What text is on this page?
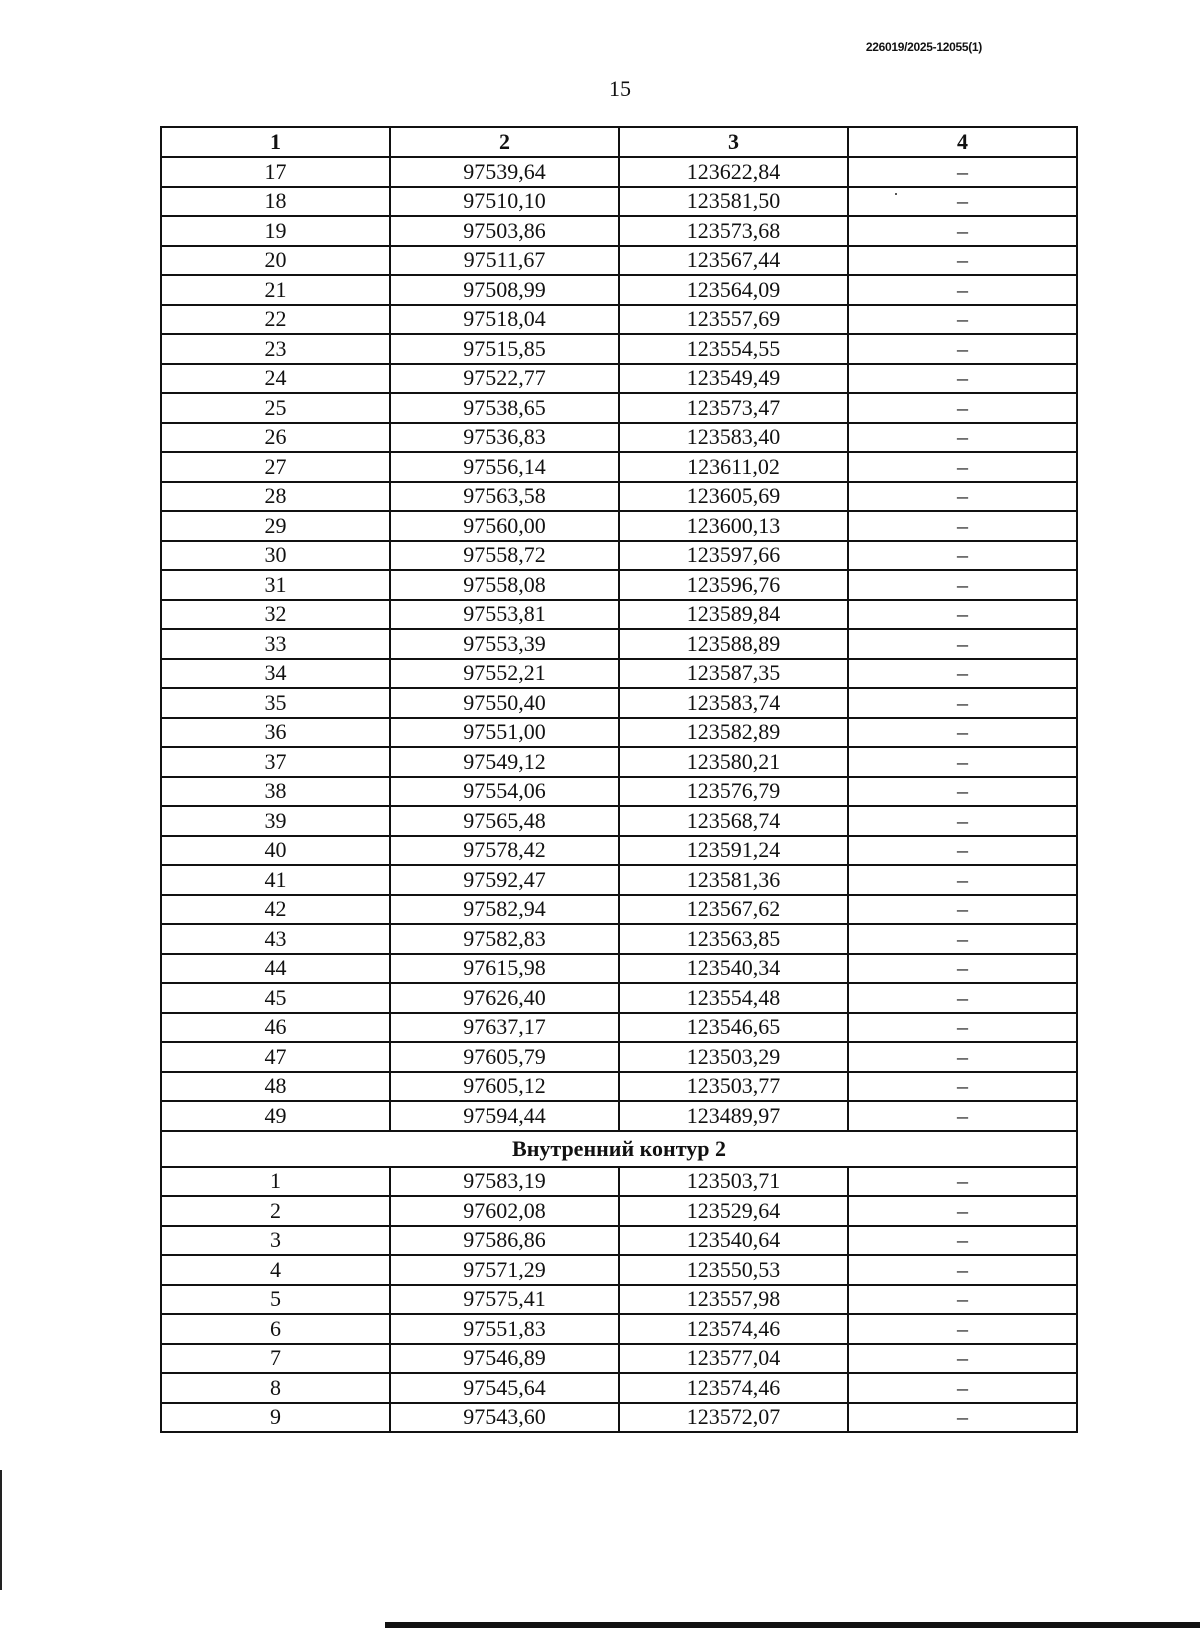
226019/2025-12055(1)
15
1	2	3	4
17	97539,64	123622,84	–
18	97510,10	123581,50	–
19	97503,86	123573,68	–
20	97511,67	123567,44	–
21	97508,99	123564,09	–
22	97518,04	123557,69	–
23	97515,85	123554,55	–
24	97522,77	123549,49	–
25	97538,65	123573,47	–
26	97536,83	123583,40	–
27	97556,14	123611,02	–
28	97563,58	123605,69	–
29	97560,00	123600,13	–
30	97558,72	123597,66	–
31	97558,08	123596,76	–
32	97553,81	123589,84	–
33	97553,39	123588,89	–
34	97552,21	123587,35	–
35	97550,40	123583,74	–
36	97551,00	123582,89	–
37	97549,12	123580,21	–
38	97554,06	123576,79	–
39	97565,48	123568,74	–
40	97578,42	123591,24	–
41	97592,47	123581,36	–
42	97582,94	123567,62	–
43	97582,83	123563,85	–
44	97615,98	123540,34	–
45	97626,40	123554,48	–
46	97637,17	123546,65	–
47	97605,79	123503,29	–
48	97605,12	123503,77	–
49	97594,44	123489,97	–
Внутренний контур 2			
1	97583,19	123503,71	–
2	97602,08	123529,64	–
3	97586,86	123540,64	–
4	97571,29	123550,53	–
5	97575,41	123557,98	–
6	97551,83	123574,46	–
7	97546,89	123577,04	–
8	97545,64	123574,46	–
9	97543,60	123572,07	–
